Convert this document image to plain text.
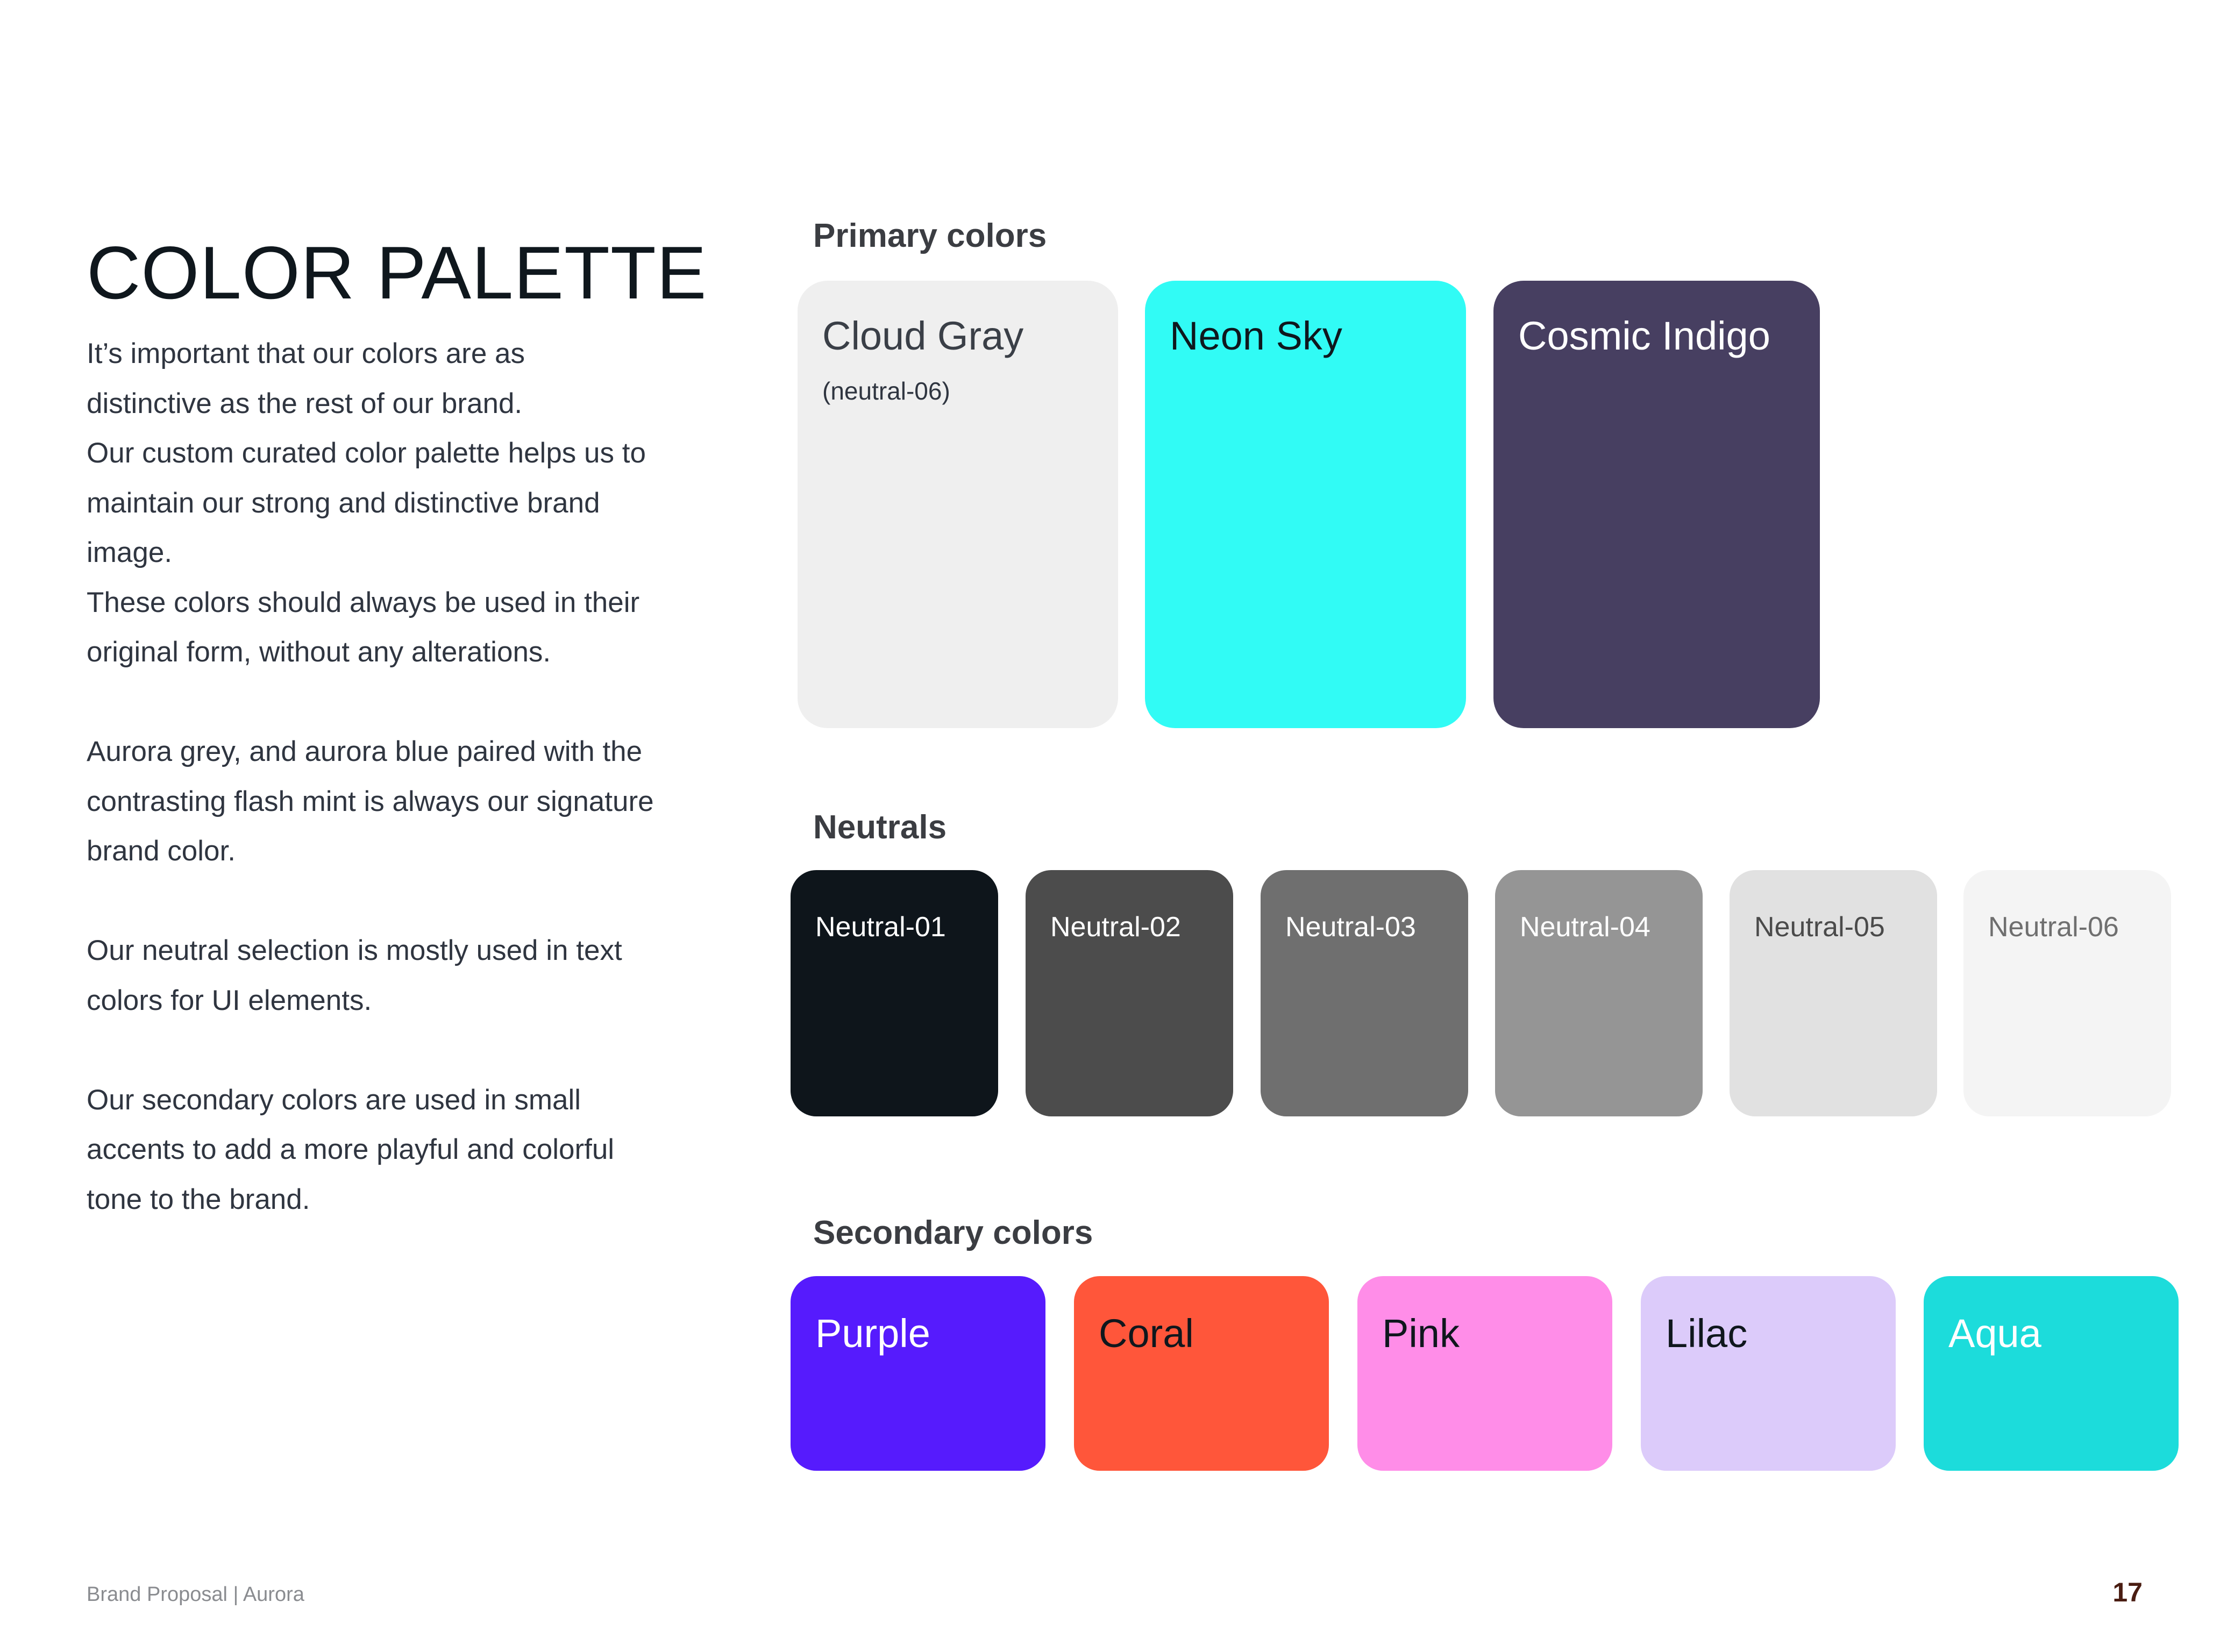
COLOR PALETTE

It’s important that our colors are as
distinctive as the rest of our brand.
Our custom curated color palette helps us to
maintain our strong and distinctive brand
image.
These colors should always be used in their
original form, without any alterations.

Aurora grey, and aurora blue paired with the
contrasting flash mint is always our signature
brand color.

Our neutral selection is mostly used in text
colors for UI elements.

Our secondary colors are used in small
accents to add a more playful and colorful
tone to the brand.

Primary colors
Cloud Gray
(neutral-06)
Neon Sky	Cosmic Indigo
Neutrals
Neutral-01	Neutral-02	Neutral-03	Neutral-04	Neutral-05	Neutral-06
Secondary colors
Purple	Coral	Pink	Lilac	Aqua
Brand Proposal | Aurora	17
